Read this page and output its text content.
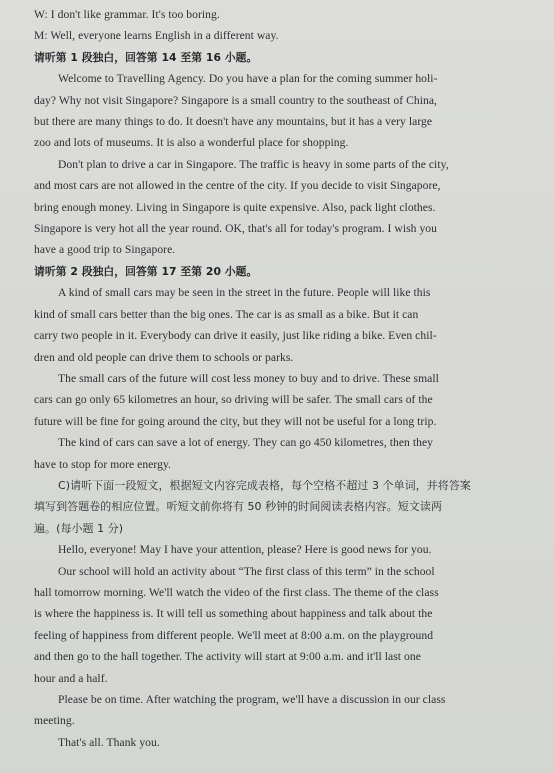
W: I don't like grammar. It's too boring.
M: Well, everyone learns English in a different way.
请听第 1 段独白，回答第 14 至第 16 小题。
Welcome to Travelling Agency. Do you have a plan for the coming summer holi-
day? Why not visit Singapore? Singapore is a small country to the southeast of China,
but there are many things to do. It doesn't have any mountains, but it has a very large
zoo and lots of museums. It is also a wonderful place for shopping.
Don't plan to drive a car in Singapore. The traffic is heavy in some parts of the city,
and most cars are not allowed in the centre of the city. If you decide to visit Singapore,
bring enough money. Living in Singapore is quite expensive. Also, pack light clothes.
Singapore is very hot all the year round. OK, that's all for today's program. I wish you
have a good trip to Singapore.
请听第 2 段独白，回答第 17 至第 20 小题。
A kind of small cars may be seen in the street in the future. People will like this
kind of small cars better than the big ones. The car is as small as a bike. But it can
carry two people in it. Everybody can drive it easily, just like riding a bike. Even chil-
dren and old people can drive them to schools or parks.
The small cars of the future will cost less money to buy and to drive. These small
cars can go only 65 kilometres an hour, so driving will be safer. The small cars of the
future will be fine for going around the city, but they will not be useful for a long trip.
The kind of cars can save a lot of energy. They can go 450 kilometres, then they
have to stop for more energy.
C)请听下面一段短文，根据短文内容完成表格，每个空格不超过 3 个单词，并将答案
填写到答题卷的相应位置。听短文前你将有 50 秒钟的时间阅读表格内容。短文读两
遍。(每小题 1 分)
Hello, everyone! May I have your attention, please? Here is good news for you.
Our school will hold an activity about “The first class of this term” in the school
hall tomorrow morning. We'll watch the video of the first class. The theme of the class
is where the happiness is. It will tell us something about happiness and talk about the
feeling of happiness from different people. We'll meet at 8:00 a.m. on the playground
and then go to the hall together. The activity will start at 9:00 a.m. and it'll last one
hour and a half.
Please be on time. After watching the program, we'll have a discussion in our class
meeting.
That's all. Thank you.
